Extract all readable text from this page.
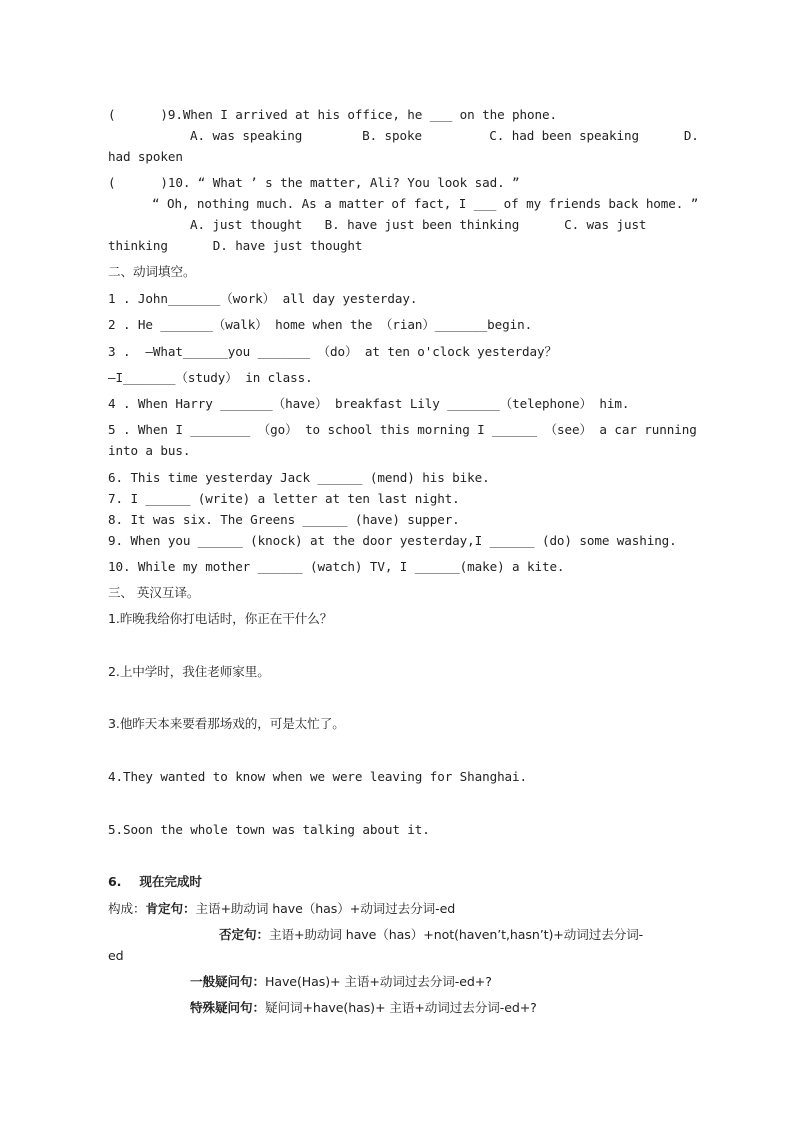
(      )9.When I arrived at his office, he ___ on the phone.
A. was speaking        B. spoke         C. had been speaking      D.
had spoken
(      )10. “ What ’ s the matter, Ali? You look sad. ”
“ Oh, nothing much. As a matter of fact, I ___ of my friends back home. ”
A. just thought   B. have just been thinking      C. was just
thinking      D. have just thought
二、动词填空。
1 . John_______（work） all day yesterday.
2 . He _______（walk） home when the （rian）_______begin.
3 .  —What______you _______ （do） at ten o'clock yesterday？
—I_______（study） in class.
4 . When Harry _______（have） breakfast Lily _______（telephone） him.
5 . When I ________ （go） to school this morning I ______ （see） a car running
into a bus.
6. This time yesterday Jack ______ (mend) his bike.
7. I ______ (write) a letter at ten last night.
8. It was six. The Greens ______ (have) supper.
9. When you ______ (knock) at the door yesterday,I ______ (do) some washing.
10. While my mother ______ (watch) TV, I ______(make) a kite.
三、 英汉互译。
1.昨晚我给你打电话时，你正在干什么？
2.上中学时，我住老师家里。
3.他昨天本来要看那场戏的，可是太忙了。
4.They wanted to know when we were leaving for Shanghai.
5.Soon the whole town was talking about it.
6. 现在完成时
构成：肯定句：主语+助动词 have（has）+动词过去分词-ed
否定句：主语+助动词 have（has）+not(haven’t,hasn’t)+动词过去分词-
ed
一般疑问句：Have(Has)+ 主语+动词过去分词-ed+?
特殊疑问句：疑问词+have(has)+ 主语+动词过去分词-ed+?
